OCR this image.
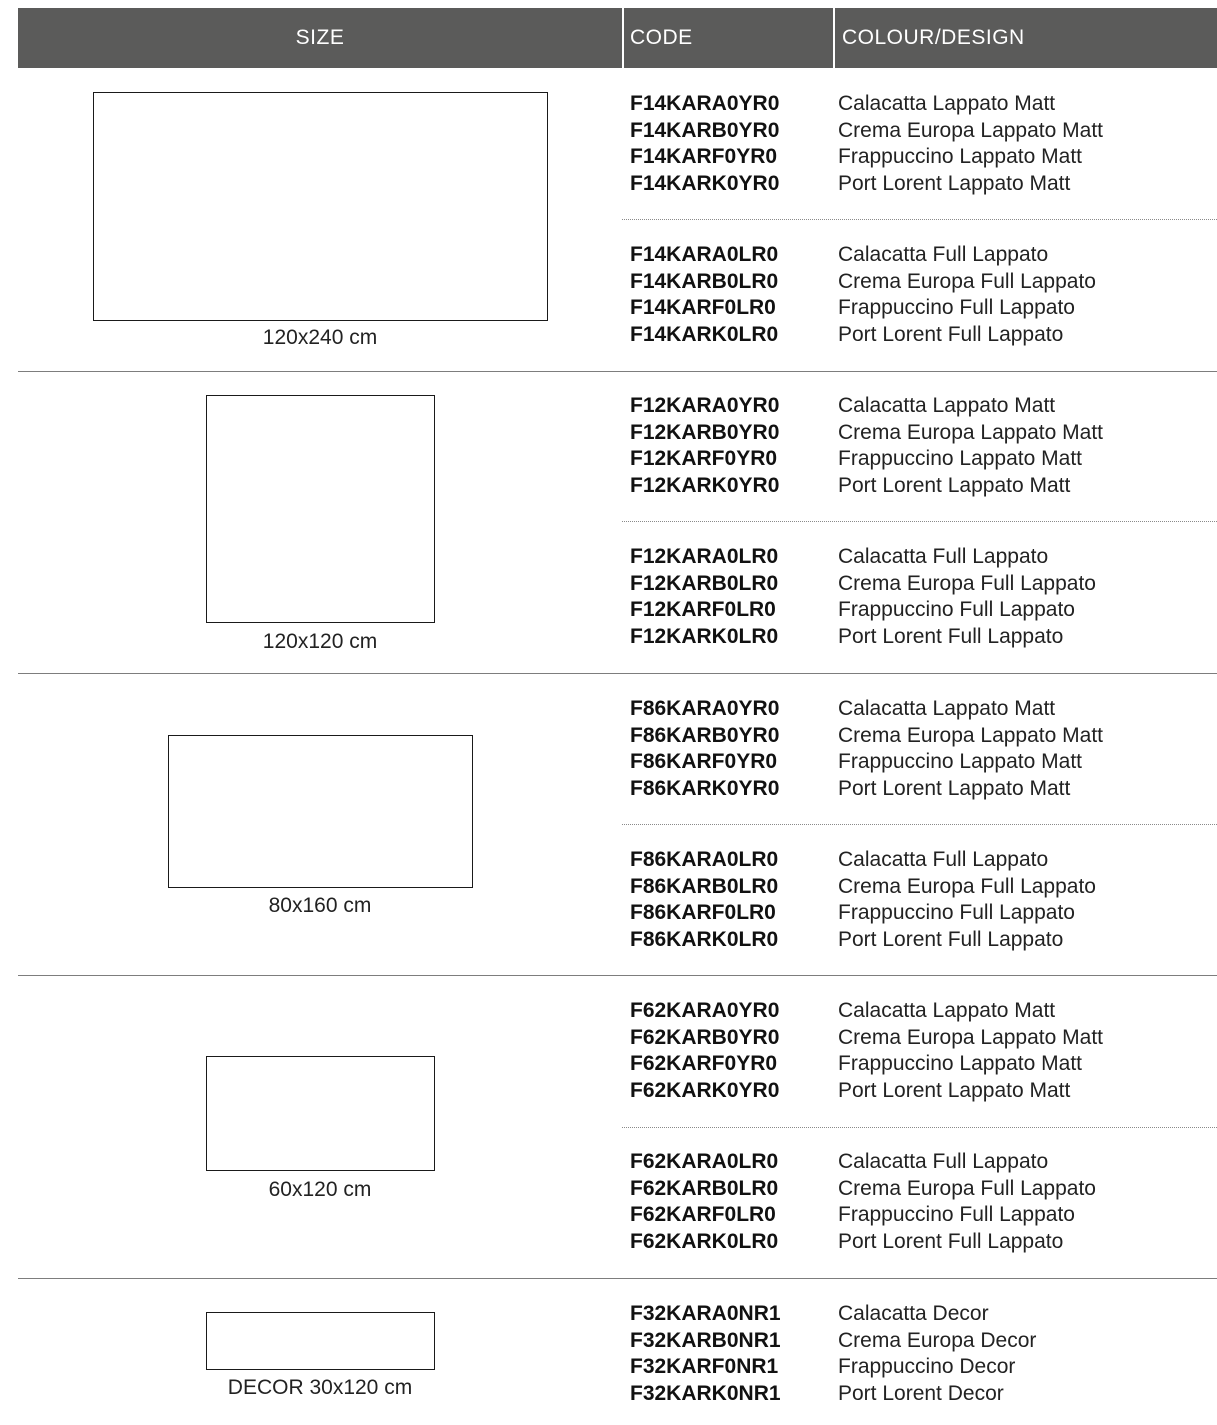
SIZE	CODE	COLOUR/DESIGN
120x240 cm
F14KARA0YR0	Calacatta Lappato Matt
F14KARB0YR0	Crema Europa Lappato Matt
F14KARF0YR0	Frappuccino Lappato Matt
F14KARK0YR0	Port Lorent Lappato Matt
F14KARA0LR0	Calacatta Full Lappato
F14KARB0LR0	Crema Europa Full Lappato
F14KARF0LR0	Frappuccino Full Lappato
F14KARK0LR0	Port Lorent Full Lappato
120x120 cm
F12KARA0YR0	Calacatta Lappato Matt
F12KARB0YR0	Crema Europa Lappato Matt
F12KARF0YR0	Frappuccino Lappato Matt
F12KARK0YR0	Port Lorent Lappato Matt
F12KARA0LR0	Calacatta Full Lappato
F12KARB0LR0	Crema Europa Full Lappato
F12KARF0LR0	Frappuccino Full Lappato
F12KARK0LR0	Port Lorent Full Lappato
80x160 cm
F86KARA0YR0	Calacatta Lappato Matt
F86KARB0YR0	Crema Europa Lappato Matt
F86KARF0YR0	Frappuccino Lappato Matt
F86KARK0YR0	Port Lorent Lappato Matt
F86KARA0LR0	Calacatta Full Lappato
F86KARB0LR0	Crema Europa Full Lappato
F86KARF0LR0	Frappuccino Full Lappato
F86KARK0LR0	Port Lorent Full Lappato
60x120 cm
F62KARA0YR0	Calacatta Lappato Matt
F62KARB0YR0	Crema Europa Lappato Matt
F62KARF0YR0	Frappuccino Lappato Matt
F62KARK0YR0	Port Lorent Lappato Matt
F62KARA0LR0	Calacatta Full Lappato
F62KARB0LR0	Crema Europa Full Lappato
F62KARF0LR0	Frappuccino Full Lappato
F62KARK0LR0	Port Lorent Full Lappato
DECOR 30x120 cm
F32KARA0NR1	Calacatta Decor
F32KARB0NR1	Crema Europa Decor
F32KARF0NR1	Frappuccino Decor
F32KARK0NR1	Port Lorent Decor
